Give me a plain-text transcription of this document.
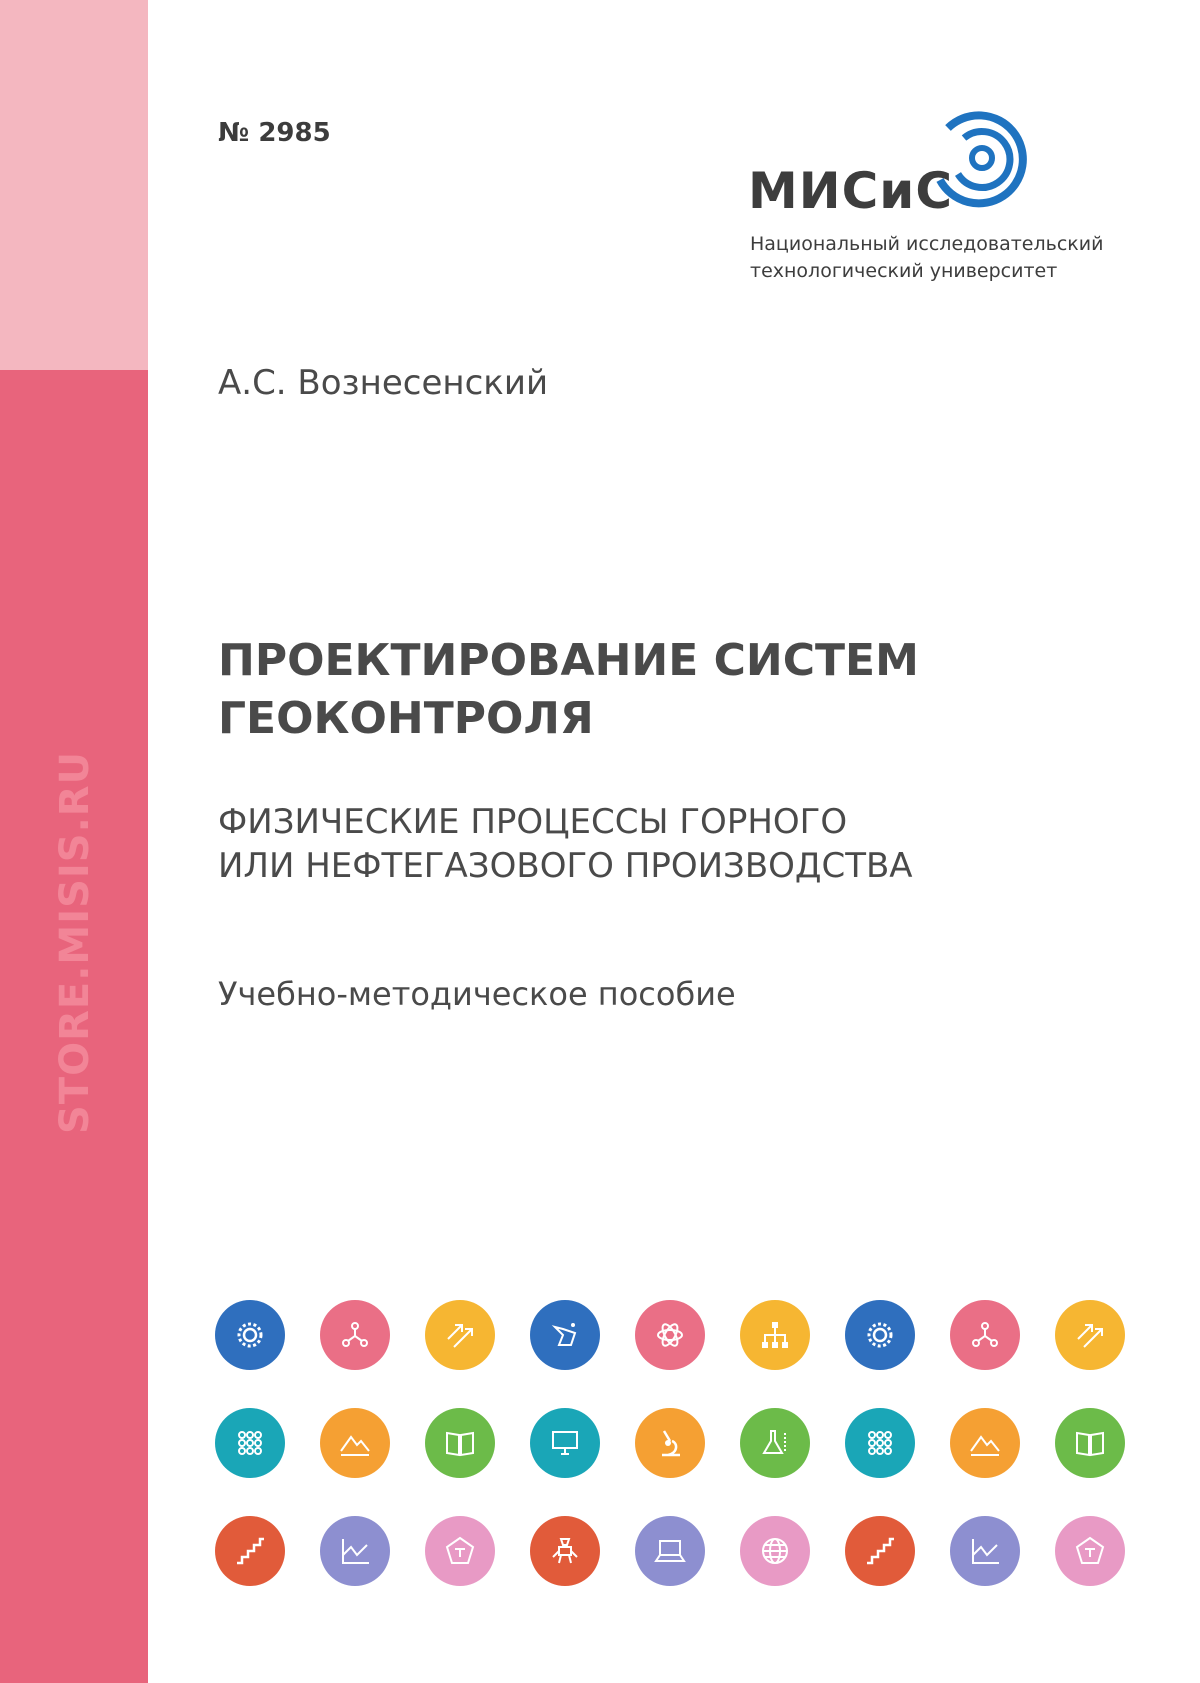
STORE.MISIS.RU
№ 2985
МИСиС
Национальный исследовательский
технологический университет
А.С. Вознесенский
ПРОЕКТИРОВАНИЕ СИСТЕМ
ГЕОКОНТРОЛЯ
ФИЗИЧЕСКИЕ ПРОЦЕССЫ ГОРНОГО
ИЛИ НЕФТЕГАЗОВОГО ПРОИЗВОДСТВА
Учебно-методическое пособие
